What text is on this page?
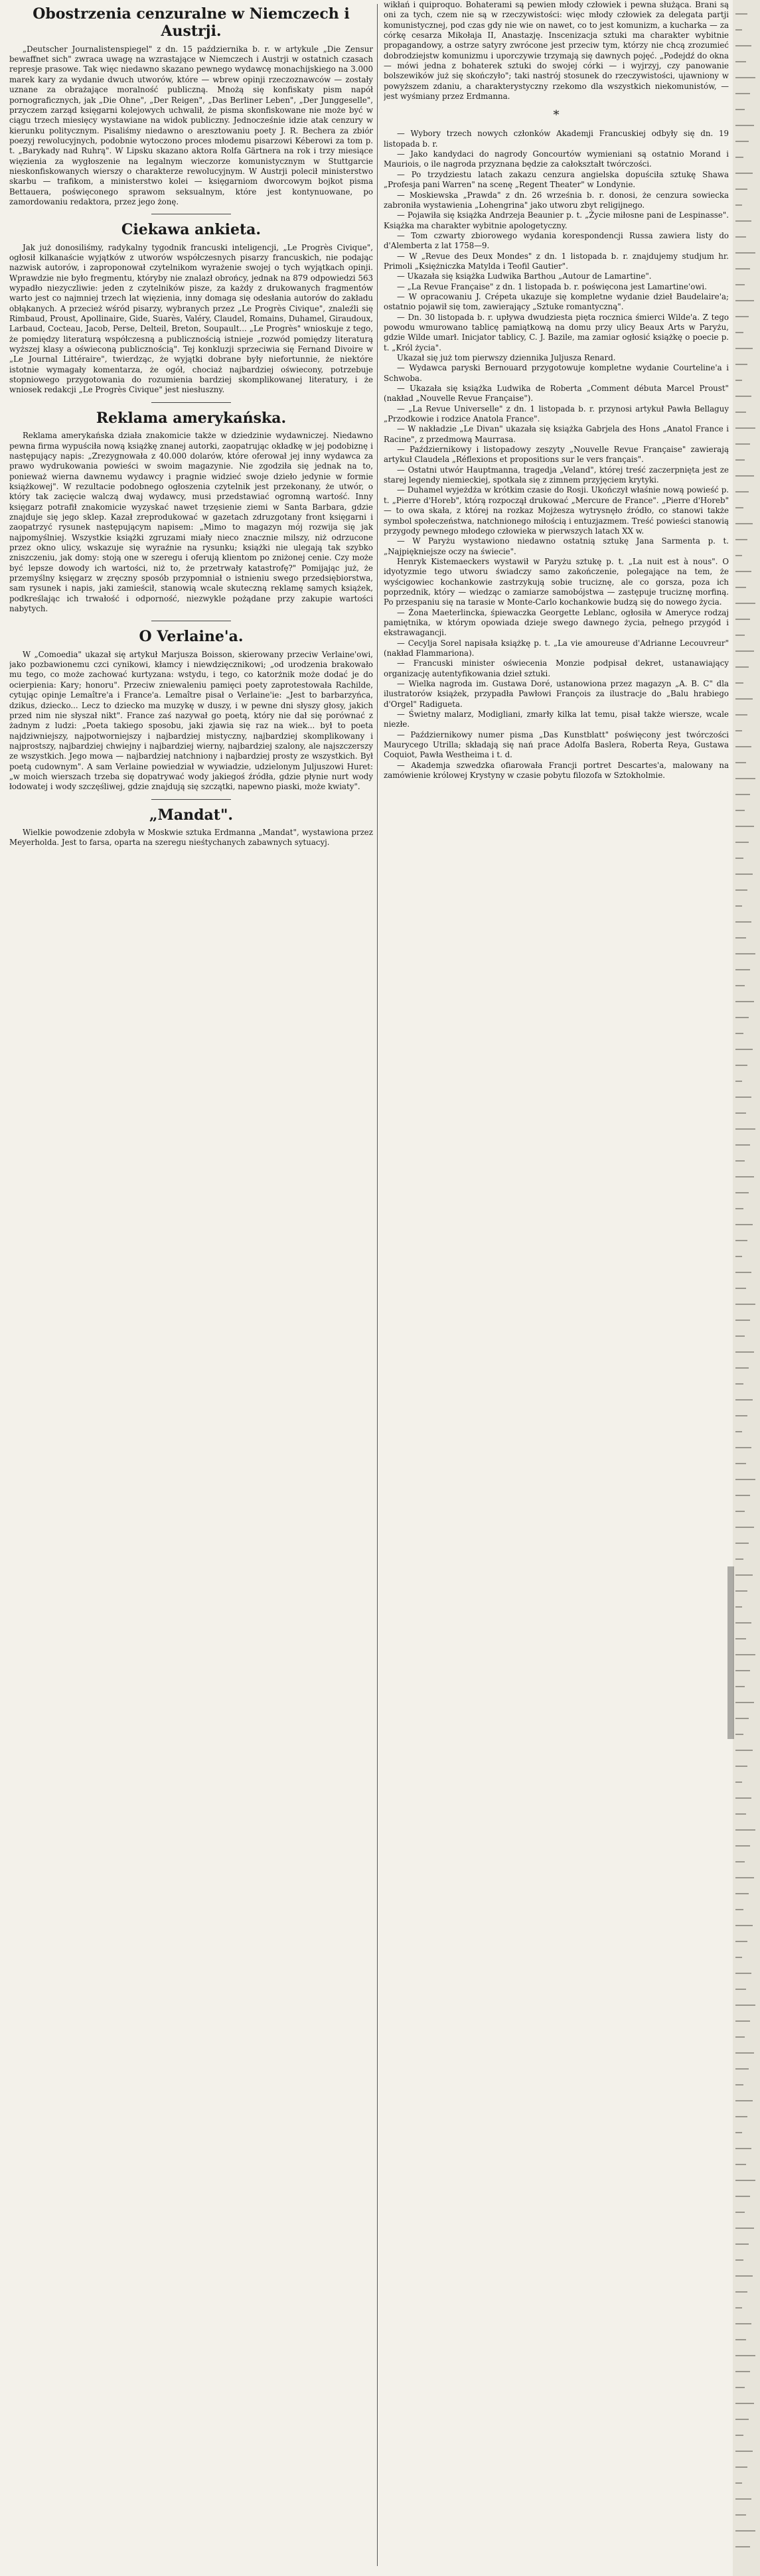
Obostrzenia cenzuralne w Niemczech i Austrji.

„Deutscher Journalistenspiegel" z dn. 15 października b. r. w artykule „Die Zensur bewaffnet sich" zwraca uwagę na wzrastające w Niemczech i Austrji w ostatnich czasach represje prasowe. Tak więc niedawno skazano pewnego wydawcę monachijskiego na 3.000 marek kary za wydanie dwuch utworów, które — wbrew opinji rzeczoznawców — zostały uznane za obrażające moralność publiczną. Mnożą się konfiskaty pism napół pornograficznych, jak „Die Ohne", „Der Reigen", „Das Berliner Leben", „Der Junggeselle", przyczem zarząd księgarni kolejowych uchwalił, że pisma skonfiskowane nie może być w ciągu trzech miesięcy wystawiane na widok publiczny. Jednocześnie idzie atak cenzury w kierunku politycznym. Pisaliśmy niedawno o aresztowaniu poety J. R. Bechera za zbiór poezyj rewolucyjnych, podobnie wytoczono proces młodemu pisarzowi Kéberowi za tom p. t. „Barykady nad Ruhrą". W Lipsku skazano aktora Rolfa Gärtnera na rok i trzy miesiące więzienia za wygłoszenie na legalnym wieczorze komunistycznym w Stuttgarcie nieskonfiskowanych wierszy o charakterze rewolucyjnym. W Austrji polecił ministerstwo skarbu — trafikom, a ministerstwo kolei — księgarniom dworcowym bojkot pisma Bettauera, poświęconego sprawom seksualnym, które jest kontynuowane, po zamordowaniu redaktora, przez jego żonę.

Ciekawa ankieta.

Jak już donosiliśmy, radykalny tygodnik francuski inteligencji, „Le Progrès Civique", ogłosił kilkanaście wyjątków z utworów współczesnych pisarzy francuskich, nie podając nazwisk autorów, i zaproponował czytelnikom wyrażenie swojej o tych wyjątkach opinji. Wprawdzie nie było fregmentu, któryby nie znalazł obrońcy, jednak na 879 odpowiedzi 563 wypadło niezyczliwie: jeden z czytelników pisze, za każdy z drukowanych fragmentów warto jest co najmniej trzech lat więzienia, inny domaga się odesłania autorów do zakładu obłąkanych. A przecież wśród pisarzy, wybranych przez „Le Progrès Civique", znaleźli się Rimbaud, Proust, Apollinaire, Gide, Suarès, Valéry, Claudel, Romains, Duhamel, Giraudoux, Larbaud, Cocteau, Jacob, Perse, Delteil, Breton, Soupault... „Le Progrès" wnioskuje z tego, że pomiędzy literaturą współczesną a publicznością istnieje „rozwód pomiędzy literaturą wyższej klasy a oświeconą publicznością". Tej konkluzji sprzeciwia się Fernand Divoire w „Le Journal Littéraire", twierdząc, że wyjątki dobrane były niefortunnie, że niektóre istotnie wymagały komentarza, że ogół, chociaż najbardziej oświecony, potrzebuje stopniowego przygotowania do rozumienia bardziej skomplikowanej literatury, i że wniosek redakcji „Le Progrès Civique" jest niesłuszny.

Reklama amerykańska.

Reklama amerykańska działa znakomicie także w dziedzinie wydawniczej. Niedawno pewna firma wypuściła nową książkę znanej autorki, zaopatrując okładkę w jej podobiznę i następujący napis: „Zrezygnowała z 40.000 dolarów, które oferował jej inny wydawca za prawo wydrukowania powieści w swoim magazynie. Nie zgodziła się jednak na to, ponieważ wierna dawnemu wydawcy i pragnie widzieć swoje dzieło jedynie w formie książkowej". W rezultacie podobnego ogłoszenia czytelnik jest przekonany, że utwór, o który tak zacięcie walczą dwaj wydawcy, musi przedstawiać ogromną wartość. Inny księgarz potrafił znakomicie wyzyskać nawet trzęsienie ziemi w Santa Barbara, gdzie znajduje się jego sklep. Kazał zreprodukować w gazetach zdruzgotany front księgarni i zaopatrzyć rysunek następującym napisem: „Mimo to magazyn mój rozwija się jak najpomyślniej. Wszystkie książki zgruzami miały nieco znacznie milszy, niż odrzucone przez okno ulicy, wskazuje się wyraźnie na rysunku; książki nie ulegają tak szybko zniszczeniu, jak domy: stoją one w szeregu i oferują klientom po zniżonej cenie. Czy może być lepsze dowody ich wartości, niż to, że przetrwały katastrofę?" Pomijając już, że przemyślny księgarz w zręczny sposób przypomniał o istnieniu swego przedsiębiorstwa, sam rysunek i napis, jaki zamieścił, stanowią wcale skuteczną reklamę samych książek, podkreślając ich trwałość i odporność, niezwykle pożądane przy zakupie wartości nabytych.

O Verlaine'a.

W „Comoedia" ukazał się artykuł Marjusza Boisson, skierowany przeciw Verlaine'owi, jako pozbawionemu czci cynikowi, kłamcy i niewdzięcznikowi; „od urodzenia brakowało mu tego, co może zachować kurtyzana: wstydu, i tego, co katorżnik może dodać je do ocierpienia: Kary; honoru". Przeciw zniewaleniu pamięci poety zaprotestowała Rachilde, cytując opinje Lemaître'a i France'a. Lemaître pisał o Verlaine'ie: „Jest to barbarzyńca, dzikus, dziecko... Lecz to dziecko ma muzykę w duszy, i w pewne dni słyszy głosy, jakich przed nim nie słyszał nikt". France zaś nazywał go poetą, który nie dał się porównać z żadnym z ludzi: „Poeta takiego sposobu, jaki zjawia się raz na wiek... był to poeta najdziwniejszy, najpotworniejszy i najbardziej mistyczny, najbardziej skomplikowany i najprostszy, najbardziej chwiejny i najbardziej wierny, najbardziej szalony, ale najszczerszy ze wszystkich. Jego mowa — najbardziej natchniony i najbardziej prosty ze wszystkich. Był poetą cudownym". A sam Verlaine powiedział w wywiadzie, udzielonym Juljuszowi Huret: „w moich wierszach trzeba się dopatrywać wody jakiegoś źródła, gdzie płynie nurt wody łodowatej i wody szczęśliwej, gdzie znajdują się szczątki, napewno piaski, może kwiaty".

„Mandat".

Wielkie powodzenie zdobyła w Moskwie sztuka Erdmanna „Mandat", wystawiona przez Meyerholda. Jest to farsa, oparta na szeregu nieśtychanych zabawnych sytuacyj.

wikłań i quiproquo. Bohaterami są pewien młody człowiek i pewna służąca. Brani są oni za tych, czem nie są w rzeczywistości: więc młody człowiek za delegata partji komunistycznej, pod czas gdy nie wie on nawet, co to jest komunizm, a kucharka — za córkę cesarza Mikołaja II, Anastazję. Inscenizacja sztuki ma charakter wybitnie propagandowy, a ostrze satyry zwrócone jest przeciw tym, którzy nie chcą zrozumieć dobrodziejstw komunizmu i uporczywie trzymają się dawnych pojęć. „Podejdź do okna — mówi jedna z bohaterek sztuki do swojej córki — i wyjrzyj, czy panowanie bolszewików już się skończyło"; taki nastrój stosunek do rzeczywistości, ujawniony w powyższem zdaniu, a charakterystyczny rzekomo dla wszystkich niekomunistów, — jest wyśmiany przez Erdmanna.

*

— Wybory trzech nowych członków Akademji Francuskiej odbyły się dn. 19 listopada b. r.

— Jako kandydaci do nagrody Goncourtów wymieniani są ostatnio Morand i Mauriois, o ile nagroda przyznana będzie za całokształt twórczości.

— Po trzydziestu latach zakazu cenzura angielska dopuściła sztukę Shawa „Profesja pani Warren" na scenę „Regent Theater" w Londynie.

— Moskiewska „Prawda" z dn. 26 września b. r. donosi, że cenzura sowiecka zabroniła wystawienia „Lohengrina" jako utworu zbyt religijnego.

— Pojawiła się książka Andrzeja Beaunier p. t. „Życie miłosne pani de Lespinasse". Książka ma charakter wybitnie apologetyczny.

— Tom czwarty zbiorowego wydania korespondencji Russa zawiera listy do d'Alemberta z lat 1758—9.

— W „Revue des Deux Mondes" z dn. 1 listopada b. r. znajdujemy studjum hr. Primoli „Księżniczka Matylda i Teofil Gautier".

— Ukazała się książka Ludwika Barthou „Autour de Lamartine".

— „La Revue Française" z dn. 1 listopada b. r. poświęcona jest Lamartine'owi.

— W opracowaniu J. Crépeta ukazuje się kompletne wydanie dzieł Baudelaire'a; ostatnio pojawił się tom, zawierający „Sztuke romantyczną".

— Dn. 30 listopada b. r. upływa dwudziesta pięta rocznica śmierci Wilde'a. Z tego powodu wmurowano tablicę pamiątkową na domu przy ulicy Beaux Arts w Paryżu, gdzie Wilde umarł. Inicjator tablicy, C. J. Bazile, ma zamiar ogłosić książkę o poecie p. t. „Król życia".

Ukazał się już tom pierwszy dziennika Juljusza Renard.

— Wydawca paryski Bernouard przygotowuje kompletne wydanie Courteline'a i Schwoba.

— Ukazała się książka Ludwika de Roberta „Comment débuta Marcel Proust" (nakład „Nouvelle Revue Française").

— „La Revue Universelle" z dn. 1 listopada b. r. przynosi artykuł Pawła Bellaguy „Przodkowie i rodzice Anatola France".

— W nakładzie „Le Divan" ukazała się książka Gabrjela des Hons „Anatol France i Racine", z przedmową Maurrasa.

— Październikowy i listopadowy zeszyty „Nouvelle Revue Française" zawierają artykuł Claudela „Réflexions et propositions sur le vers français".

— Ostatni utwór Hauptmanna, tragedja „Veland", której treść zaczerpnięta jest ze starej legendy niemieckiej, spotkała się z zimnem przyjęciem krytyki.

— Duhamel wyjeżdża w krótkim czasie do Rosji. Ukończył właśnie nową powieść p. t. „Pierre d'Horeb", którą rozpoczął drukować „Mercure de France". „Pierre d'Horeb" — to owa skała, z której na rozkaz Mojżesza wytrysnęło źródło, co stanowi także symbol społeczeństwa, natchnionego miłością i entuzjazmem. Treść powieści stanowią przygody pewnego młodego człowieka w pierwszych latach XX w.

— W Paryżu wystawiono niedawno ostatnią sztukę Jana Sarmenta p. t. „Najpiękniejsze oczy na świecie".

Henryk Kistemaeckers wystawił w Paryżu sztukę p. t. „La nuit est à nous". O idyotyzmie tego utworu świadczy samo zakończenie, polegające na tem, że wyścigowiec kochankowie zastrzykują sobie truciznę, ale co gorsza, poza ich poprzednik, który — wiedząc o zamiarze samobójstwa — zastępuje truciznę morfiną. Po przespaniu się na tarasie w Monte-Carlo kochankowie budzą się do nowego życia.

— Żona Maeterlincka, śpiewaczka Georgette Leblanc, ogłosiła w Ameryce rodzaj pamiętnika, w którym opowiada dzieje swego dawnego życia, pełnego przygód i ekstrawagancji.

— Cecylja Sorel napisała książkę p. t. „La vie amoureuse d'Adrianne Lecouvreur" (nakład Flammariona).

— Francuski minister oświecenia Monzie podpisał dekret, ustanawiający organizację autentyfikowania dzieł sztuki.

— Wielka nagroda im. Gustawa Doré, ustanowiona przez magazyn „A. B. C" dla ilustratorów książek, przypadła Pawłowi François za ilustracje do „Balu hrabiego d'Orgel" Radigueta.

— Świetny malarz, Modigliani, zmarły kilka lat temu, pisał także wiersze, wcale niezłe.

— Październikowy numer pisma „Das Kunstblatt" poświęcony jest twórczości Maurycego Utrilla; składają się nań prace Adolfa Baslera, Roberta Reya, Gustawa Coquiot, Pawła Westheima i t. d.

— Akademja szwedzka ofiarowała Francji portret Descartes'a, malowany na zamówienie królowej Krystyny w czasie pobytu filozofa w Sztokholmie.
